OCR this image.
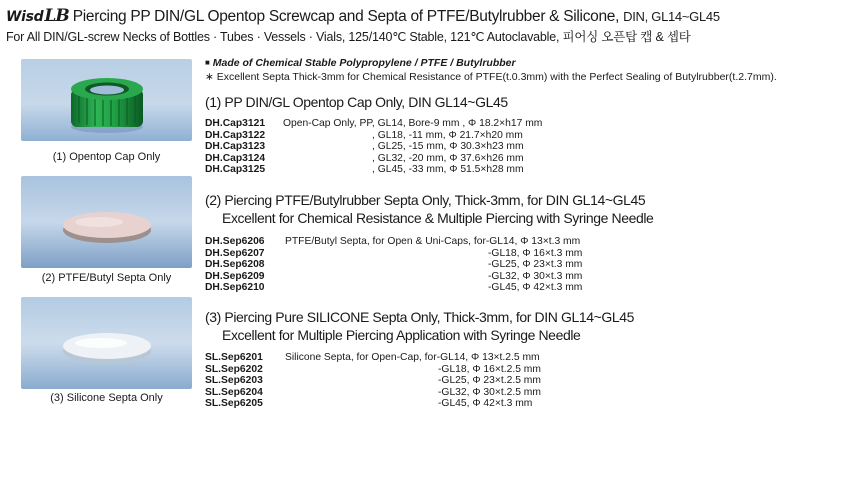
WisdLB Piercing PP DIN/GL Opentop Screwcap and Septa of PTFE/Butylrubber & Silicone, DIN, GL14~GL45
For All DIN/GL-screw Necks of Bottles · Tubes · Vessels · Vials, 125/140℃ Stable, 121℃ Autoclavable, 피어싱 오픈탑 캡 & 셉타
(1) Opentop Cap Only
(2) PTFE/Butyl Septa Only
(3) Silicone Septa Only
■ Made of Chemical Stable Polypropylene / PTFE / Butylrubber
∗ Excellent Septa Thick-3mm for Chemical Resistance of PTFE(t.0.3mm) with the Perfect Sealing of Butylrubber(t.2.7mm).
(1) PP DIN/GL Opentop Cap Only, DIN GL14~GL45
DH.Cap3121 Open-Cap Only, PP, GL14, Bore-9 mm , Φ 18.2×h17 mm
DH.Cap3122	, GL18, -11 mm, Φ 21.7×h20 mm
DH.Cap3123	, GL25, -15 mm, Φ 30.3×h23 mm
DH.Cap3124	, GL32, -20 mm, Φ 37.6×h26 mm
DH.Cap3125	, GL45, -33 mm, Φ 51.5×h28 mm
(2) Piercing PTFE/Butylrubber Septa Only, Thick-3mm, for DIN GL14~GL45
Excellent for Chemical Resistance & Multiple Piercing with Syringe Needle
DH.Sep6206 PTFE/Butyl Septa, for Open & Uni-Caps, for-GL14, Φ 13×t.3 mm
DH.Sep6207	-GL18, Φ 16×t.3 mm
DH.Sep6208	-GL25, Φ 23×t.3 mm
DH.Sep6209	-GL32, Φ 30×t.3 mm
DH.Sep6210	-GL45, Φ 42×t.3 mm
(3) Piercing Pure SILICONE Septa Only, Thick-3mm, for DIN GL14~GL45
Excellent for Multiple Piercing Application with Syringe Needle
SL.Sep6201 Silicone Septa, for Open-Cap, for-GL14, Φ 13×t.2.5 mm
SL.Sep6202	-GL18, Φ 16×t.2.5 mm
SL.Sep6203	-GL25, Φ 23×t.2.5 mm
SL.Sep6204	-GL32, Φ 30×t.2.5 mm
SL.Sep6205	-GL45, Φ 42×t.3 mm
